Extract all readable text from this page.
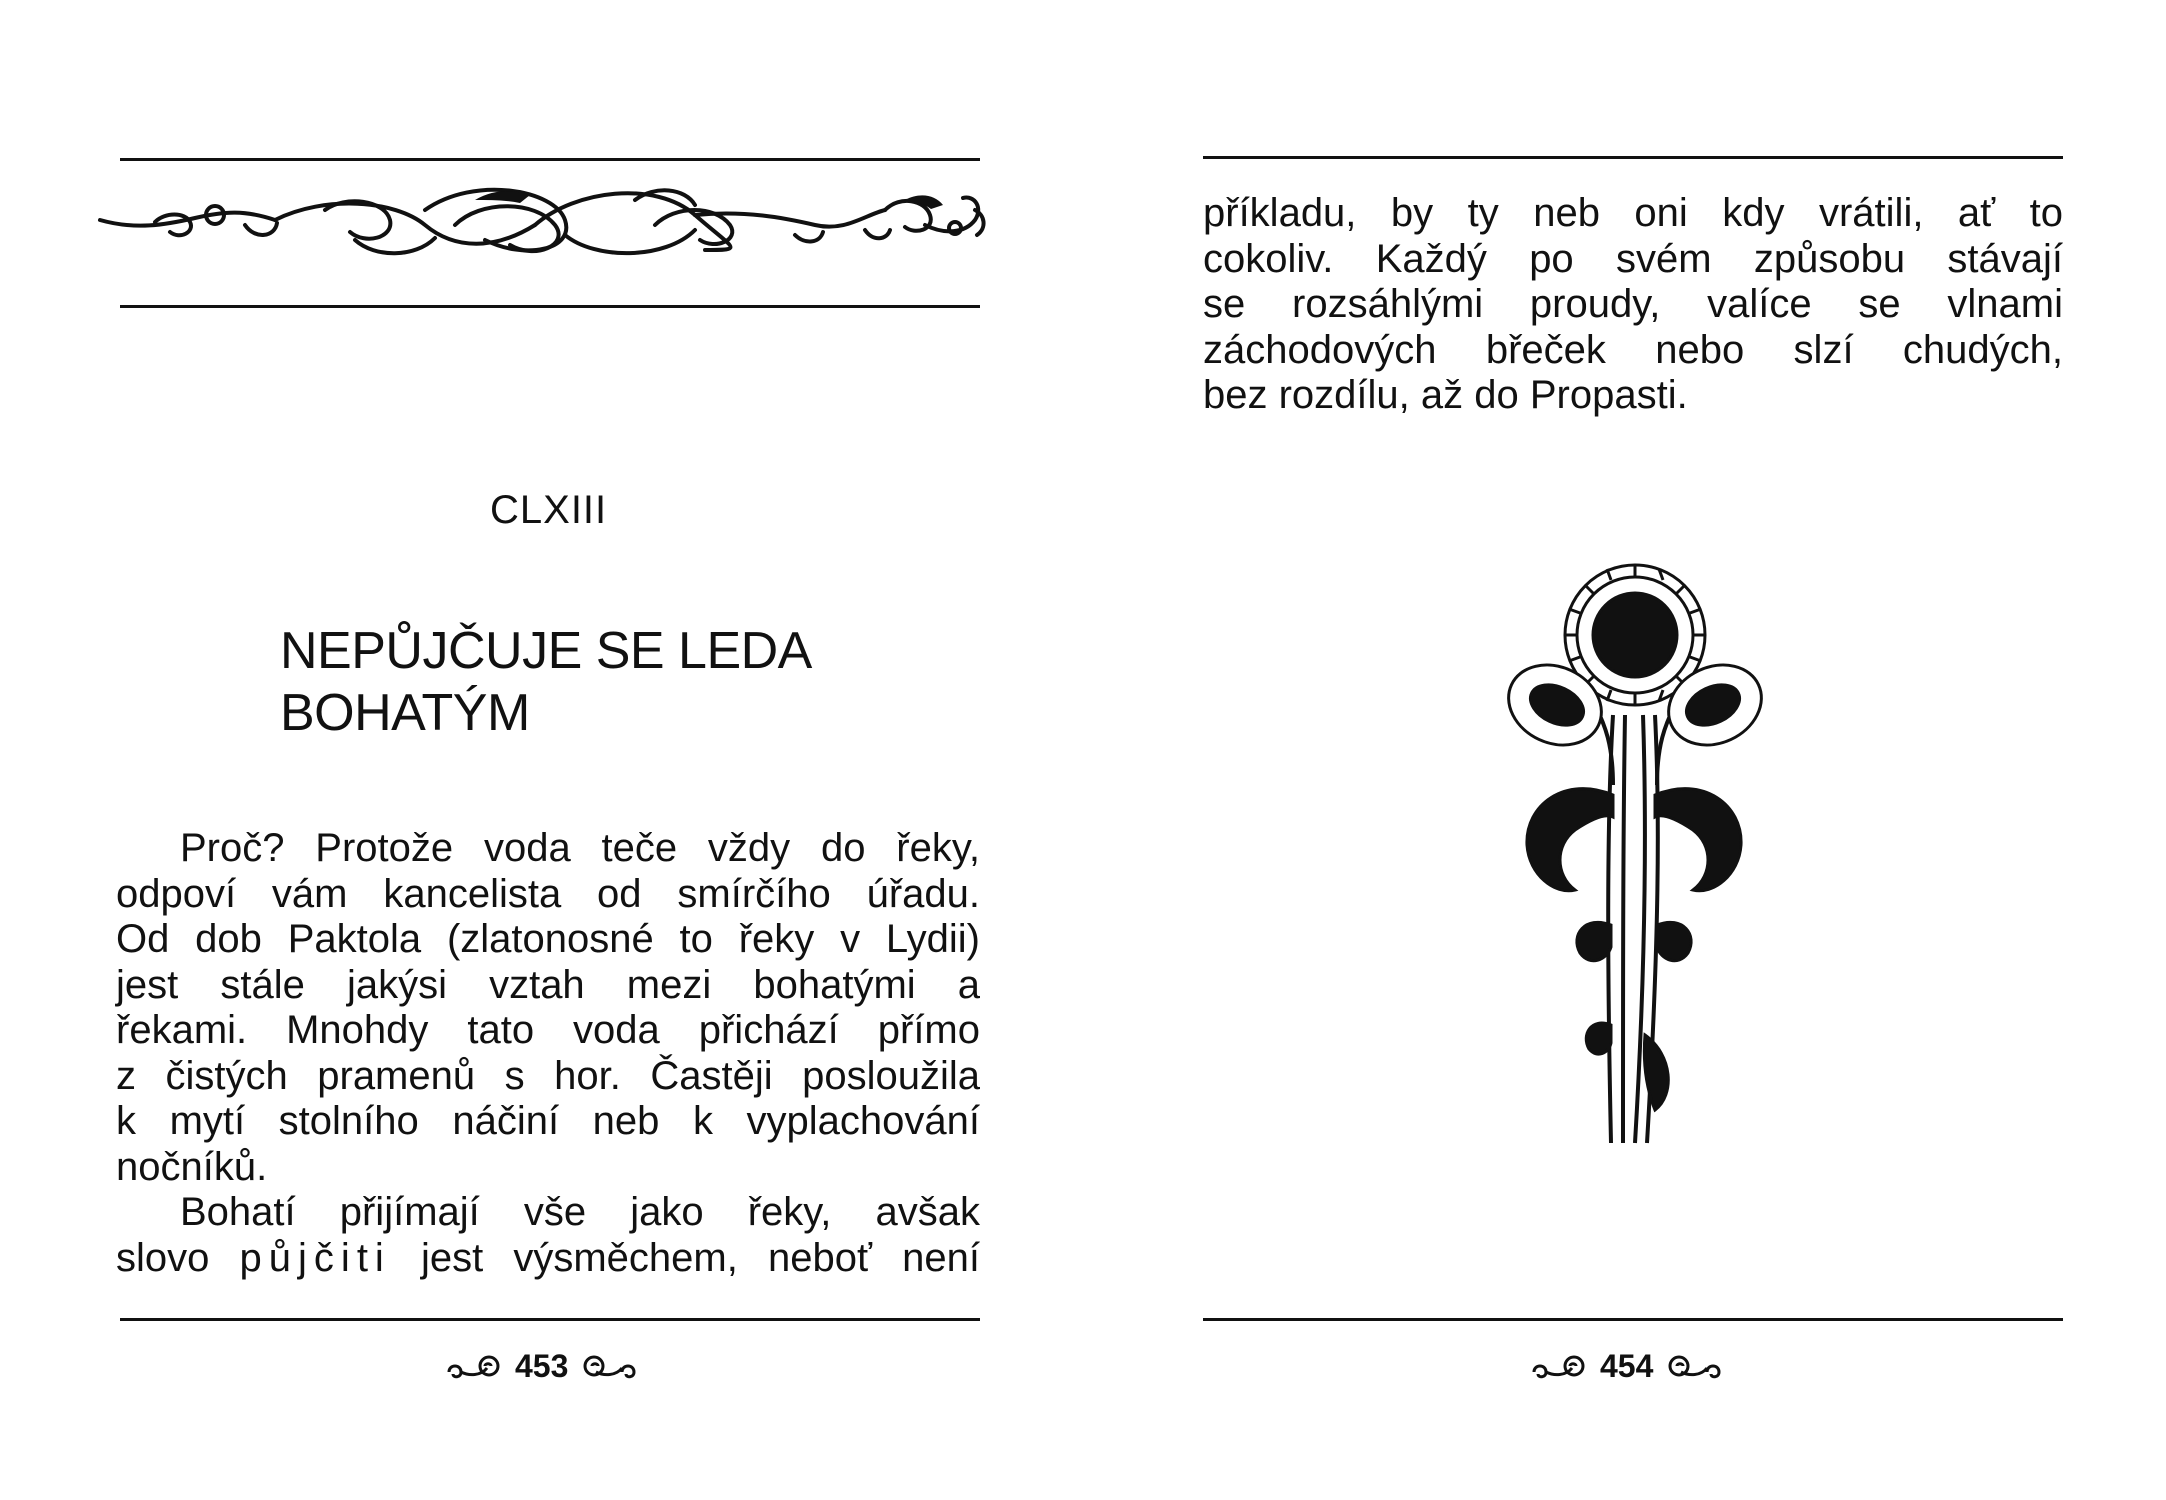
CLXIII
NEPŮJČUJE SE LEDA
BOHATÝM

Proč? Protože voda teče vždy do řeky,

odpoví vám kancelista od smírčího úřadu.

Od dob Paktola (zlatonosné to řeky v Lydii)

jest stále jakýsi vztah mezi bohatými a

řekami. Mnohdy tato voda přichází přímo

z čistých pramenů s hor. Častěji posloužila

k mytí stolního náčiní neb k vyplachování

nočníků.

Bohatí přijímají vše jako řeky, avšak

slovo půjčiti jest výsměchem, neboť není

453

příkladu, by ty neb oni kdy vrátili, ať to

cokoliv. Každý po svém způsobu stávají

se rozsáhlými proudy, valíce se vlnami

záchodových břeček nebo slzí chudých,

bez rozdílu, až do Propasti.

454
